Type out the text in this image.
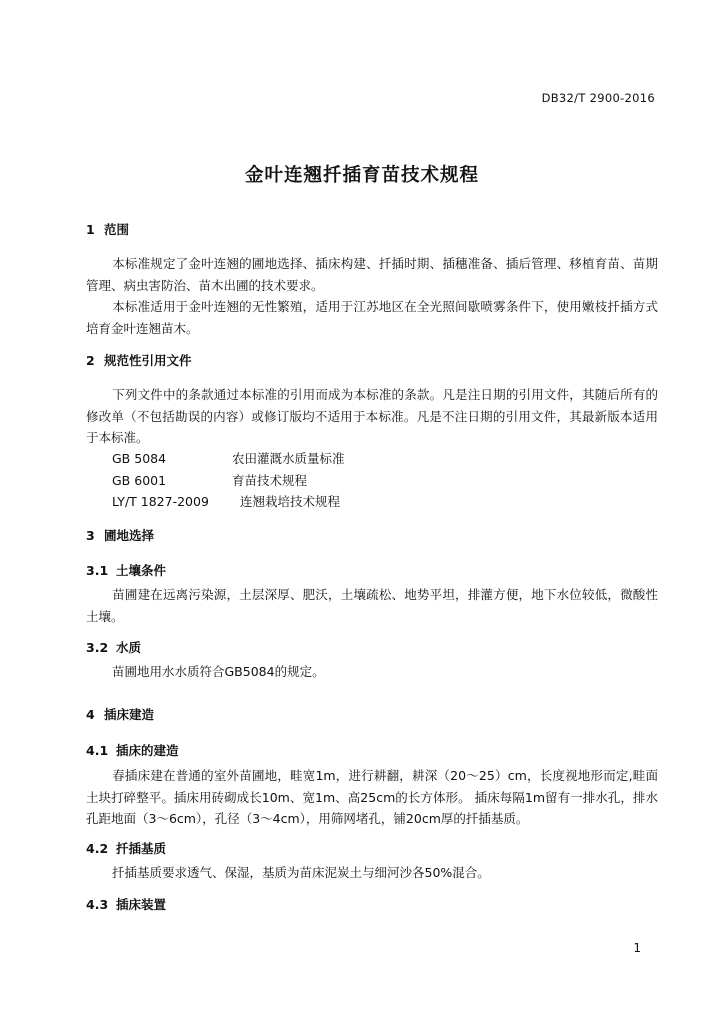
DB32/T 2900-2016
金叶连翘扦插育苗技术规程
1 范围
本标准规定了金叶连翘的圃地选择、插床构建、扦插时期、插穗准备、插后管理、移植育苗、苗期管理、病虫害防治、苗木出圃的技术要求。
本标准适用于金叶连翘的无性繁殖，适用于江苏地区在全光照间歇喷雾条件下，使用嫩枝扦插方式培育金叶连翘苗木。
2 规范性引用文件
下列文件中的条款通过本标准的引用而成为本标准的条款。凡是注日期的引用文件，其随后所有的修改单（不包括勘误的内容）或修订版均不适用于本标准。凡是不注日期的引用文件，其最新版本适用于本标准。
GB 5084	农田灌溉水质量标准
GB 6001	育苗技术规程
LY/T 1827-2009 连翘栽培技术规程
3 圃地选择
3.1 土壤条件
苗圃建在远离污染源，土层深厚、肥沃，土壤疏松、地势平坦，排灌方便，地下水位较低，微酸性土壤。
3.2 水质
苗圃地用水水质符合GB5084的规定。
4 插床建造
4.1 插床的建造
春插床建在普通的室外苗圃地，畦宽1m，进行耕翻，耕深（20～25）cm，长度视地形而定,畦面土块打碎整平。插床用砖砌成长10m、宽1m、高25cm的长方体形。 插床每隔1m留有一排水孔，排水孔距地面（3～6cm），孔径（3～4cm），用筛网堵孔，铺20cm厚的扦插基质。
4.2 扦插基质
扦插基质要求透气、保湿，基质为苗床泥炭土与细河沙各50%混合。
4.3 插床装置
1
